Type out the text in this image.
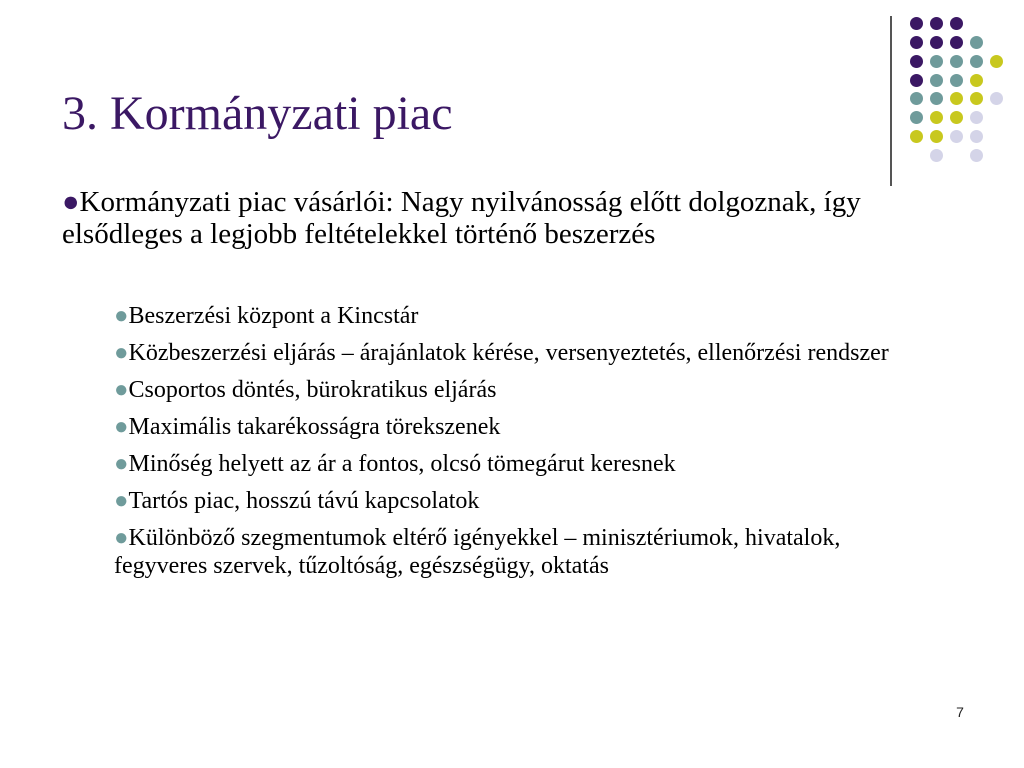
3. Kormányzati piac
●Kormányzati piac vásárlói: Nagy nyilvánosság előtt dolgoznak, így elsődleges a legjobb feltételekkel történő beszerzés
●Beszerzési központ a Kincstár
●Közbeszerzési eljárás – árajánlatok kérése, versenyeztetés, ellenőrzési rendszer
●Csoportos döntés, bürokratikus eljárás
●Maximális takarékosságra törekszenek
●Minőség helyett az ár a fontos, olcsó tömegárut keresnek
●Tartós piac, hosszú távú kapcsolatok
●Különböző szegmentumok eltérő igényekkel – minisztériumok, hivatalok, fegyveres szervek, tűzoltóság, egészségügy, oktatás
7
